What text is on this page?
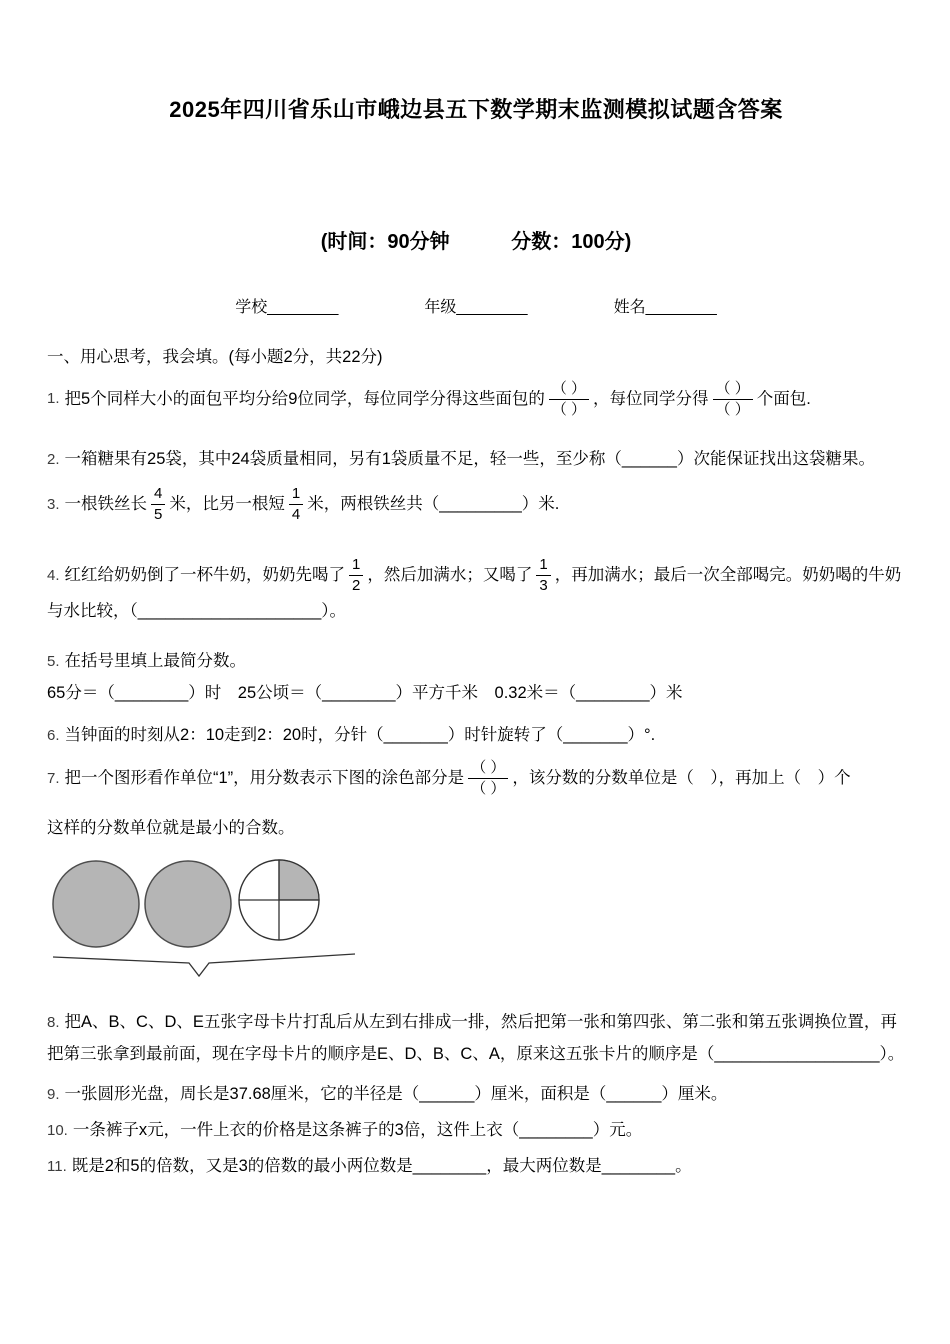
2025年四川省乐山市峨边县五下数学期末监测模拟试题含答案
(时间：90分钟	分数：100分)
学校________	年级________	姓名________
一、用心思考，我会填。(每小题2分，共22分)
1. 把5个同样大小的面包平均分给9位同学，每位同学分得这些面包的 $\frac{( )}{( )}$ ，每位同学分得 $\frac{( )}{( )}$ 个面包.
2. 一箱糖果有25袋，其中24袋质量相同，另有1袋质量不足，轻一些，至少称（______）次能保证找出这袋糖果。
3. 一根铁丝长 $\frac{4}{5}$ 米，比另一根短 $\frac{1}{4}$ 米，两根铁丝共（_________）米.
4. 红红给奶奶倒了一杯牛奶，奶奶先喝了 $\frac{1}{2}$ ，然后加满水；又喝了 $\frac{1}{3}$ ，再加满水；最后一次全部喝完。奶奶喝的牛奶
与水比较，（____________________）。
5. 在括号里填上最简分数。
65分＝（________）时　25公顷＝（________）平方千米　0.32米＝（________）米
6. 当钟面的时刻从2：10走到2：20时，分针（_______）时针旋转了（_______）°.
7. 把一个图形看作单位“1”，用分数表示下图的涂色部分是 $\frac{( )}{( )}$ ，该分数的分数单位是（　），再加上（　）个
这样的分数单位就是最小的合数。
8. 把A、B、C、D、E五张字母卡片打乱后从左到右排成一排，然后把第一张和第四张、第二张和第五张调换位置，再
把第三张拿到最前面，现在字母卡片的顺序是E、D、B、C、A，原来这五张卡片的顺序是（__________________）。
9. 一张圆形光盘，周长是37.68厘米，它的半径是（______）厘米，面积是（______）厘米。
10. 一条裤子x元，一件上衣的价格是这条裤子的3倍，这件上衣（________）元。
11. 既是2和5的倍数，又是3的倍数的最小两位数是________，最大两位数是________。
